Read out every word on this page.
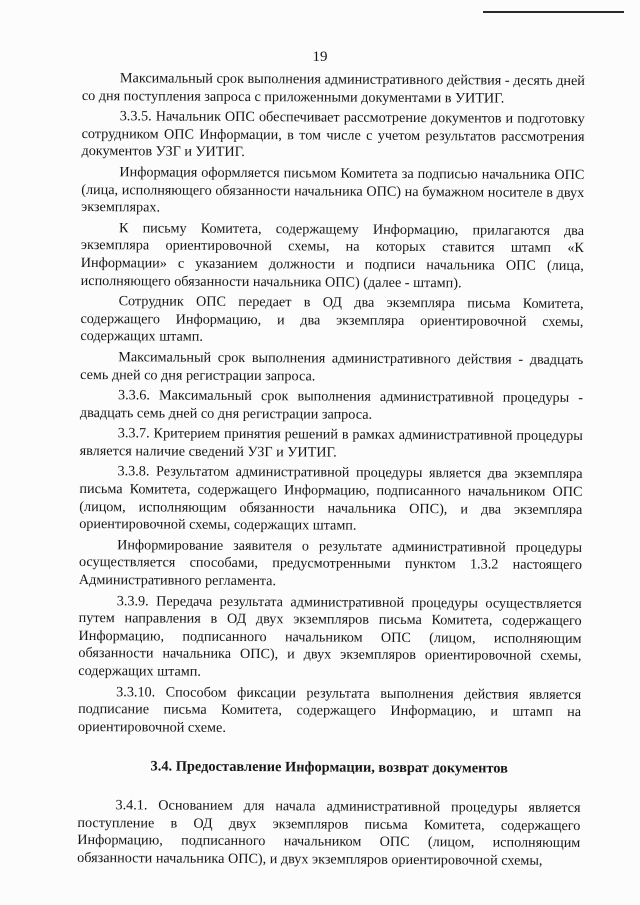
19

Максимальный срок выполнения административного действия - десять дней со дня поступления запроса с приложенными документами в УИТИГ.

3.3.5. Начальник ОПС обеспечивает рассмотрение документов и подготовку сотрудником ОПС Информации, в том числе с учетом результатов рассмотрения документов УЗГ и УИТИГ.

Информация оформляется письмом Комитета за подписью начальника ОПС (лица, исполняющего обязанности начальника ОПС) на бумажном носителе в двух экземплярах.

К письму Комитета, содержащему Информацию, прилагаются два экземпляра ориентировочной схемы, на которых ставится штамп «К Информации» с указанием должности и подписи начальника ОПС (лица, исполняющего обязанности начальника ОПС) (далее - штамп).

Сотрудник ОПС передает в ОД два экземпляра письма Комитета, содержащего Информацию, и два экземпляра ориентировочной схемы, содержащих штамп.

Максимальный срок выполнения административного действия - двадцать семь дней со дня регистрации запроса.

3.3.6. Максимальный срок выполнения административной процедуры - двадцать семь дней со дня регистрации запроса.

3.3.7. Критерием принятия решений в рамках административной процедуры является наличие сведений УЗГ и УИТИГ.

3.3.8. Результатом административной процедуры является два экземпляра письма Комитета, содержащего Информацию, подписанного начальником ОПС (лицом, исполняющим обязанности начальника ОПС), и два экземпляра ориентировочной схемы, содержащих штамп.

Информирование заявителя о результате административной процедуры осуществляется способами, предусмотренными пунктом 1.3.2 настоящего Административного регламента.

3.3.9. Передача результата административной процедуры осуществляется путем направления в ОД двух экземпляров письма Комитета, содержащего Информацию, подписанного начальником ОПС (лицом, исполняющим обязанности начальника ОПС), и двух экземпляров ориентировочной схемы, содержащих штамп.

3.3.10. Способом фиксации результата выполнения действия является подписание письма Комитета, содержащего Информацию, и штамп на ориентировочной схеме.

3.4. Предоставление Информации, возврат документов

3.4.1. Основанием для начала административной процедуры является поступление в ОД двух экземпляров письма Комитета, содержащего Информацию, подписанного начальником ОПС (лицом, исполняющим обязанности начальника ОПС), и двух экземпляров ориентировочной схемы,
